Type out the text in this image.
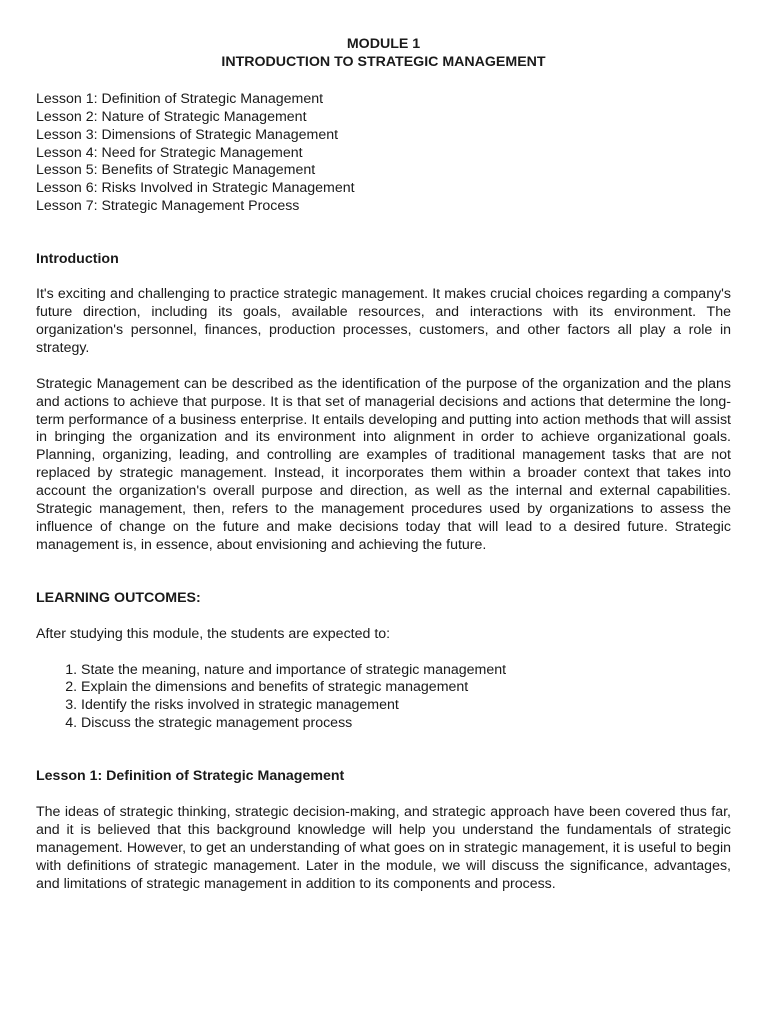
MODULE 1
INTRODUCTION TO STRATEGIC MANAGEMENT
Lesson 1: Definition of Strategic Management
Lesson 2: Nature of Strategic Management
Lesson 3: Dimensions of Strategic Management
Lesson 4: Need for Strategic Management
Lesson 5: Benefits of Strategic Management
Lesson 6: Risks Involved in Strategic Management
Lesson 7: Strategic Management Process
Introduction
It's exciting and challenging to practice strategic management. It makes crucial choices regarding a company's future direction, including its goals, available resources, and interactions with its environment. The organization's personnel, finances, production processes, customers, and other factors all play a role in strategy.
Strategic Management can be described as the identification of the purpose of the organization and the plans and actions to achieve that purpose. It is that set of managerial decisions and actions that determine the long-term performance of a business enterprise. It entails developing and putting into action methods that will assist in bringing the organization and its environment into alignment in order to achieve organizational goals.   Planning, organizing, leading, and controlling are examples of traditional management tasks that are not replaced by strategic management. Instead, it incorporates them within a broader context that takes into account the organization's overall purpose and direction, as well as the internal and external capabilities. Strategic management, then, refers to the management procedures used by organizations to assess the influence of change on the future and make decisions today that will lead to a desired future. Strategic management is, in essence, about envisioning and achieving the future.
LEARNING OUTCOMES:
After studying this module, the students are expected to:
1. State the meaning, nature and importance of strategic management
2. Explain the dimensions and benefits of strategic management
3. Identify the risks involved in strategic management
4. Discuss the strategic management process
Lesson 1: Definition of Strategic Management
The ideas of strategic thinking, strategic decision-making, and strategic approach have been covered thus far, and it is believed that this background knowledge will help you understand the fundamentals of strategic management. However, to get an understanding of what goes on in strategic management, it is useful to begin with definitions of strategic management. Later in the module, we will discuss the significance, advantages, and limitations of strategic management in addition to its components and process.
